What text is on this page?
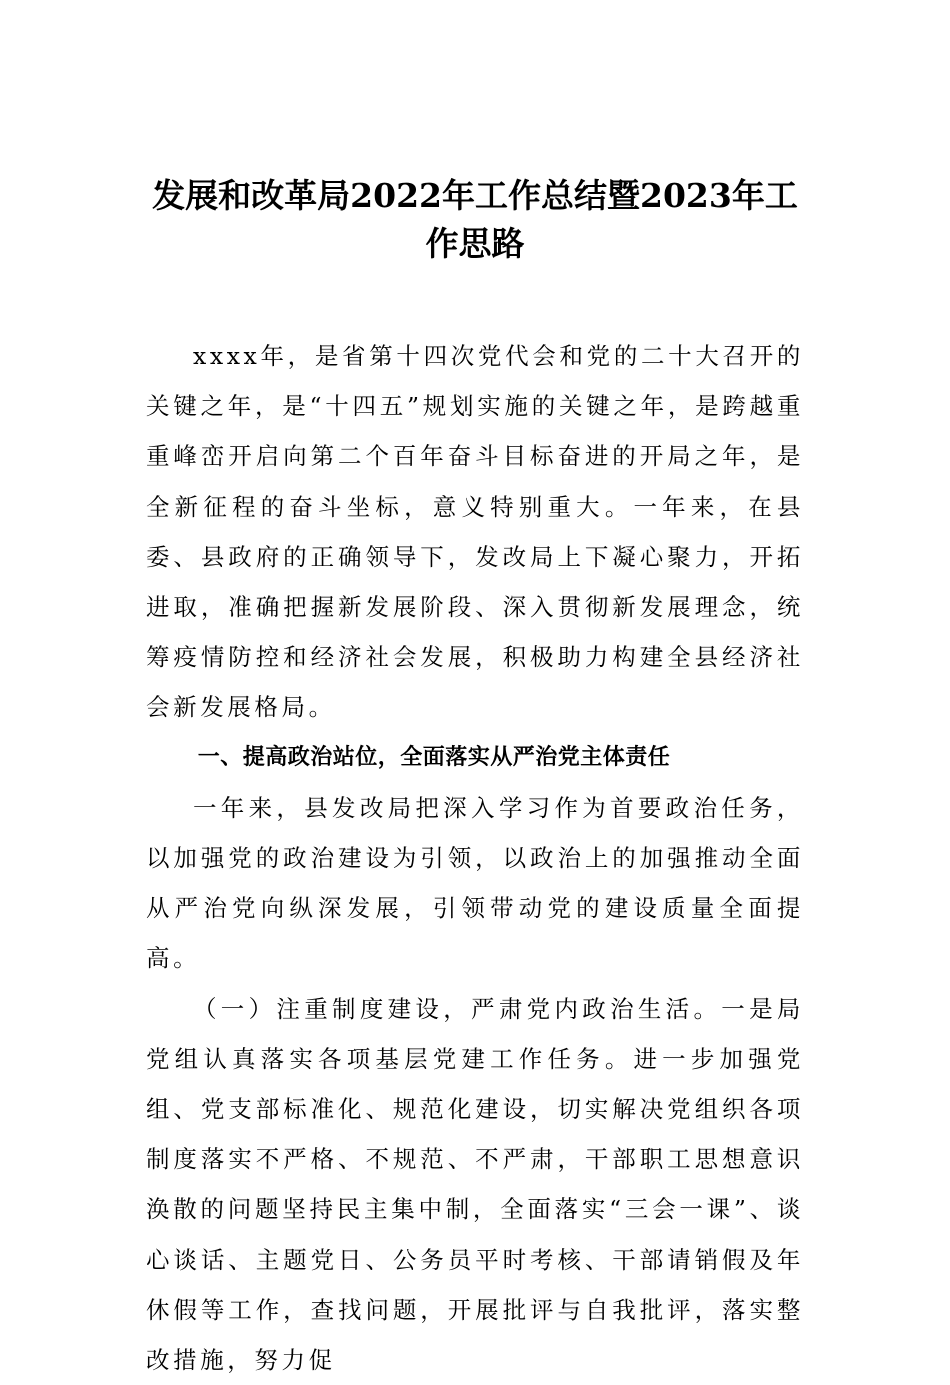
发展和改革局2022年工作总结暨2023年工
作思路

xxxx年，是省第十四次党代会和党的二十大召开的关键之年，是“十四五”规划实施的关键之年，是跨越重重峰峦开启向第二个百年奋斗目标奋进的开局之年，是全新征程的奋斗坐标，意义特别重大。一年来，在县委、县政府的正确领导下，发改局上下凝心聚力，开拓进取，准确把握新发展阶段、深入贯彻新发展理念，统筹疫情防控和经济社会发展，积极助力构建全县经济社会新发展格局。

一、提高政治站位，全面落实从严治党主体责任

一年来，县发改局把深入学习作为首要政治任务，以加强党的政治建设为引领，以政治上的加强推动全面从严治党向纵深发展，引领带动党的建设质量全面提高。

（一）注重制度建设，严肃党内政治生活。一是局党组认真落实各项基层党建工作任务。进一步加强党组、党支部标准化、规范化建设，切实解决党组织各项制度落实不严格、不规范、不严肃，干部职工思想意识涣散的问题坚持民主集中制，全面落实“三会一课”、谈心谈话、主题党日、公务员平时考核、干部请销假及年休假等工作，查找问题，开展批评与自我批评，落实整改措施，努力促
